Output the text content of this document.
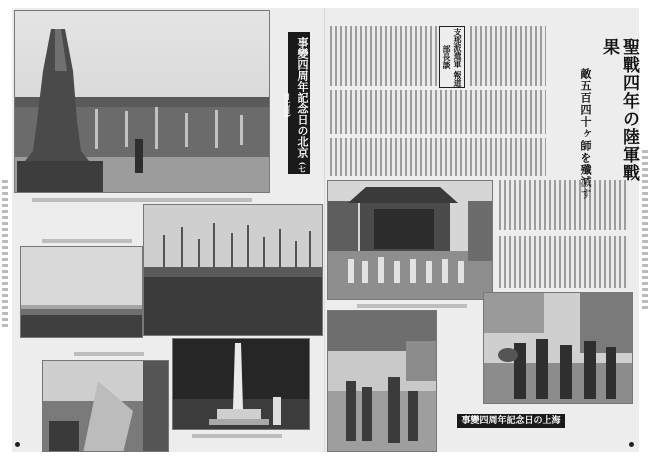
事變四周年記念日の北京 (七月七日)
支那派遣軍 報道部長談	聖戰四年の陸軍戰果
敵五百四十ヶ師を殲滅す
事變四周年記念日の上海
